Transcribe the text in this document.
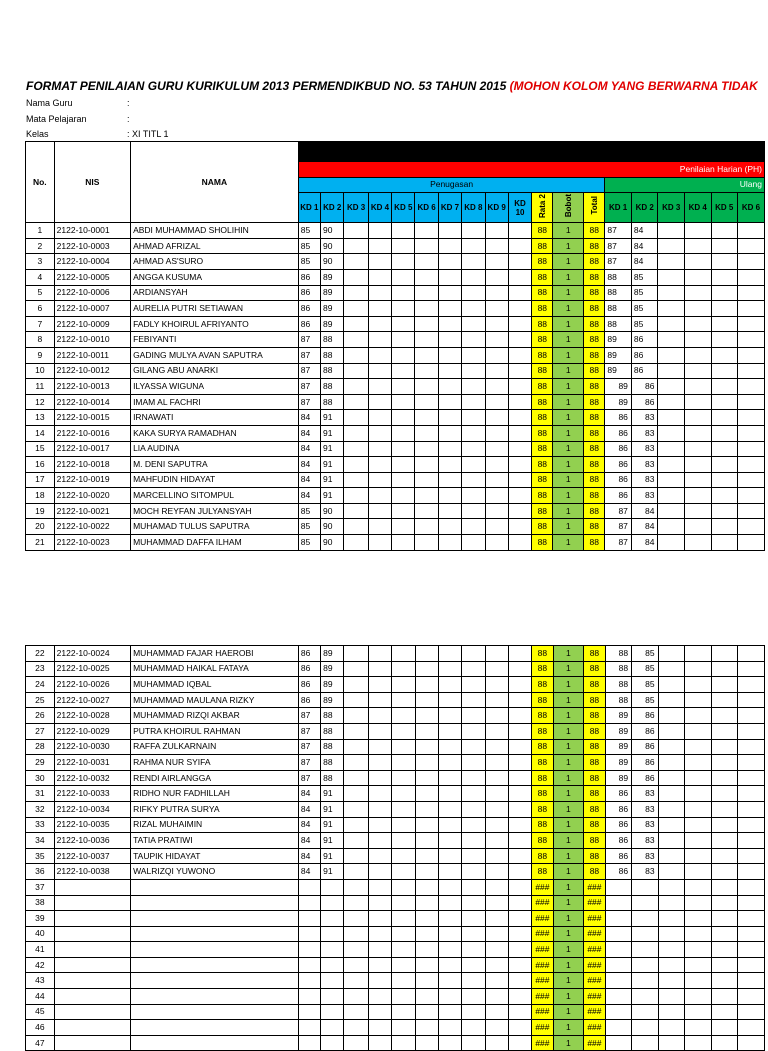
FORMAT PENILAIAN GURU KURIKULUM 2013 PERMENDIKBUD NO. 53 TAHUN 2015 (MOHON KOLOM YANG BERWARNA TIDAK
Nama Guru	:
Mata Pelajaran	:
Kelas	: XI TITL 1
No.	NIS	NAMA																			
			Penilaian Harian (PH)																		
			Penugasan													Ulang					
			KD 1	KD 2	KD 3	KD 4	KD 5	KD 6	KD 7	KD 8	KD 9	KD 10	Rata 2	Bobot	Total	KD 1	KD 2	KD 3	KD 4	KD 5	KD 6
1	2122-10-0001	ABDI MUHAMMAD SHOLIHIN	85	90									88	1	88	87	84				
2	2122-10-0003	AHMAD AFRIZAL	85	90									88	1	88	87	84				
3	2122-10-0004	AHMAD AS'SURO	85	90									88	1	88	87	84				
4	2122-10-0005	ANGGA KUSUMA	86	89									88	1	88	88	85				
5	2122-10-0006	ARDIANSYAH	86	89									88	1	88	88	85				
6	2122-10-0007	AURELIA PUTRI SETIAWAN	86	89									88	1	88	88	85				
7	2122-10-0009	FADLY KHOIRUL AFRIYANTO	86	89									88	1	88	88	85				
8	2122-10-0010	FEBIYANTI	87	88									88	1	88	89	86				
9	2122-10-0011	GADING MULYA AVAN SAPUTRA	87	88									88	1	88	89	86				
10	2122-10-0012	GILANG ABU ANARKI	87	88									88	1	88	89	86				
11	2122-10-0013	ILYASSA WIGUNA	87	88									88	1	88	89	86				
12	2122-10-0014	IMAM AL FACHRI	87	88									88	1	88	89	86				
13	2122-10-0015	IRNAWATI	84	91									88	1	88	86	83				
14	2122-10-0016	KAKA SURYA RAMADHAN	84	91									88	1	88	86	83				
15	2122-10-0017	LIA AUDINA	84	91									88	1	88	86	83				
16	2122-10-0018	M. DENI SAPUTRA	84	91									88	1	88	86	83				
17	2122-10-0019	MAHFUDIN HIDAYAT	84	91									88	1	88	86	83				
18	2122-10-0020	MARCELLINO SITOMPUL	84	91									88	1	88	86	83				
19	2122-10-0021	MOCH REYFAN JULYANSYAH	85	90									88	1	88	87	84				
20	2122-10-0022	MUHAMAD TULUS SAPUTRA	85	90									88	1	88	87	84				
21	2122-10-0023	MUHAMMAD DAFFA ILHAM	85	90									88	1	88	87	84				
22	2122-10-0024	MUHAMMAD FAJAR HAEROBI	86	89									88	1	88	88	85				
23	2122-10-0025	MUHAMMAD HAIKAL FATAYA	86	89									88	1	88	88	85				
24	2122-10-0026	MUHAMMAD IQBAL	86	89									88	1	88	88	85				
25	2122-10-0027	MUHAMMAD MAULANA RIZKY	86	89									88	1	88	88	85				
26	2122-10-0028	MUHAMMAD RIZQI AKBAR	87	88									88	1	88	89	86				
27	2122-10-0029	PUTRA KHOIRUL RAHMAN	87	88									88	1	88	89	86				
28	2122-10-0030	RAFFA ZULKARNAIN	87	88									88	1	88	89	86				
29	2122-10-0031	RAHMA NUR SYIFA	87	88									88	1	88	89	86				
30	2122-10-0032	RENDI AIRLANGGA	87	88									88	1	88	89	86				
31	2122-10-0033	RIDHO NUR FADHILLAH	84	91									88	1	88	86	83				
32	2122-10-0034	RIFKY PUTRA SURYA	84	91									88	1	88	86	83				
33	2122-10-0035	RIZAL MUHAIMIN	84	91									88	1	88	86	83				
34	2122-10-0036	TATIA PRATIWI	84	91									88	1	88	86	83				
35	2122-10-0037	TAUPIK HIDAYAT	84	91									88	1	88	86	83				
36	2122-10-0038	WALRIZQI YUWONO	84	91									88	1	88	86	83				
37													###	1	###						
38													###	1	###						
39													###	1	###						
40													###	1	###						
41													###	1	###						
42													###	1	###						
43													###	1	###						
44													###	1	###						
45													###	1	###						
46													###	1	###						
47													###	1	###						
